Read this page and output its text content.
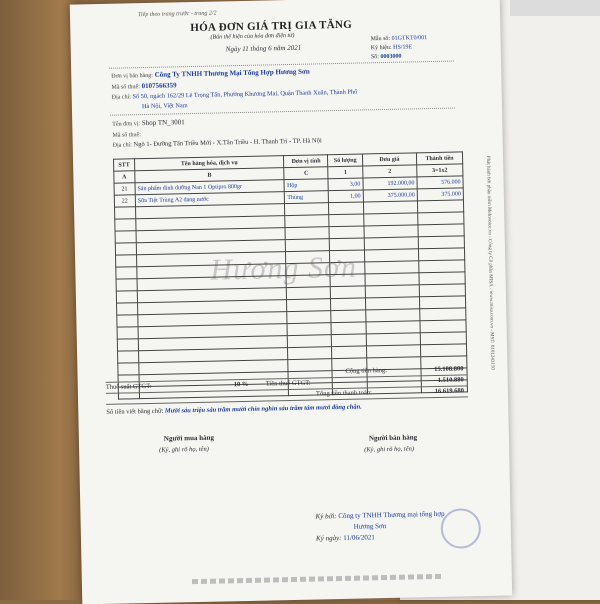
Tiếp theo trang trước - trang 2/2
HÓA ĐƠN GIÁ TRỊ GIA TĂNG
(Bản thể hiện của hóa đơn điện tử)
Ngày 11 tháng 6 năm 2021
Mẫu số: 01GTKT0/001
Ký hiệu: HS/19E
Số: 0003000
Đơn vị bán hàng: Công Ty TNHH Thương Mại Tổng Hợp Hương Sơn
Mã số thuế: 0107566359
Địa chỉ: Số 50, ngách 162/29 Lê Trọng Tấn, Phường Khương Mai, Quận Thanh Xuân, Thành Phố
Hà Nội, Việt Nam
Tên đơn vị: Shop TN_3001
Mã số thuế:
Địa chỉ: Ngõ 1- Đường Tân Triều Mới - X.Tân Triều - H. Thanh Trì - TP. Hà Nội
Hương Sơn
STT	Tên hàng hóa, dịch vụ	Đơn vị tính	Số lượng	Đơn giá	Thành tiền
A	B	C	1	2	3=1x2
21	Sản phẩm dinh dưỡng Nan 1 Optipro 800gr	Hộp	3,00	192.000,00	576.000
22	Sữa Tiệt Trùng A2 dạng nước	Thùng	1,00	375.000,00	375.000

Cộng tiền hàng:	15.108.800
Thuế suất GTGT:	10 %	Tiền thuế GTGT:	1.510.880
Tổng tiền thanh toán:	16.619.680
Số tiền viết bằng chữ: Mười sáu triệu sáu trăm mười chín nghìn sáu trăm tám mươi đồng chẵn.
Người mua hàng
(Ký, ghi rõ họ, tên)
Người bán hàng
(Ký, ghi rõ họ, tên)
Ký bởi: Công ty TNHH Thương mại tổng hợp
Hương Sơn
Ký ngày: 11/06/2021
Phát hành bởi phần mềm MeInvoice.vn - Công ty Cổ phần MISA - www.misa.com.vn - MST: 0101243150
